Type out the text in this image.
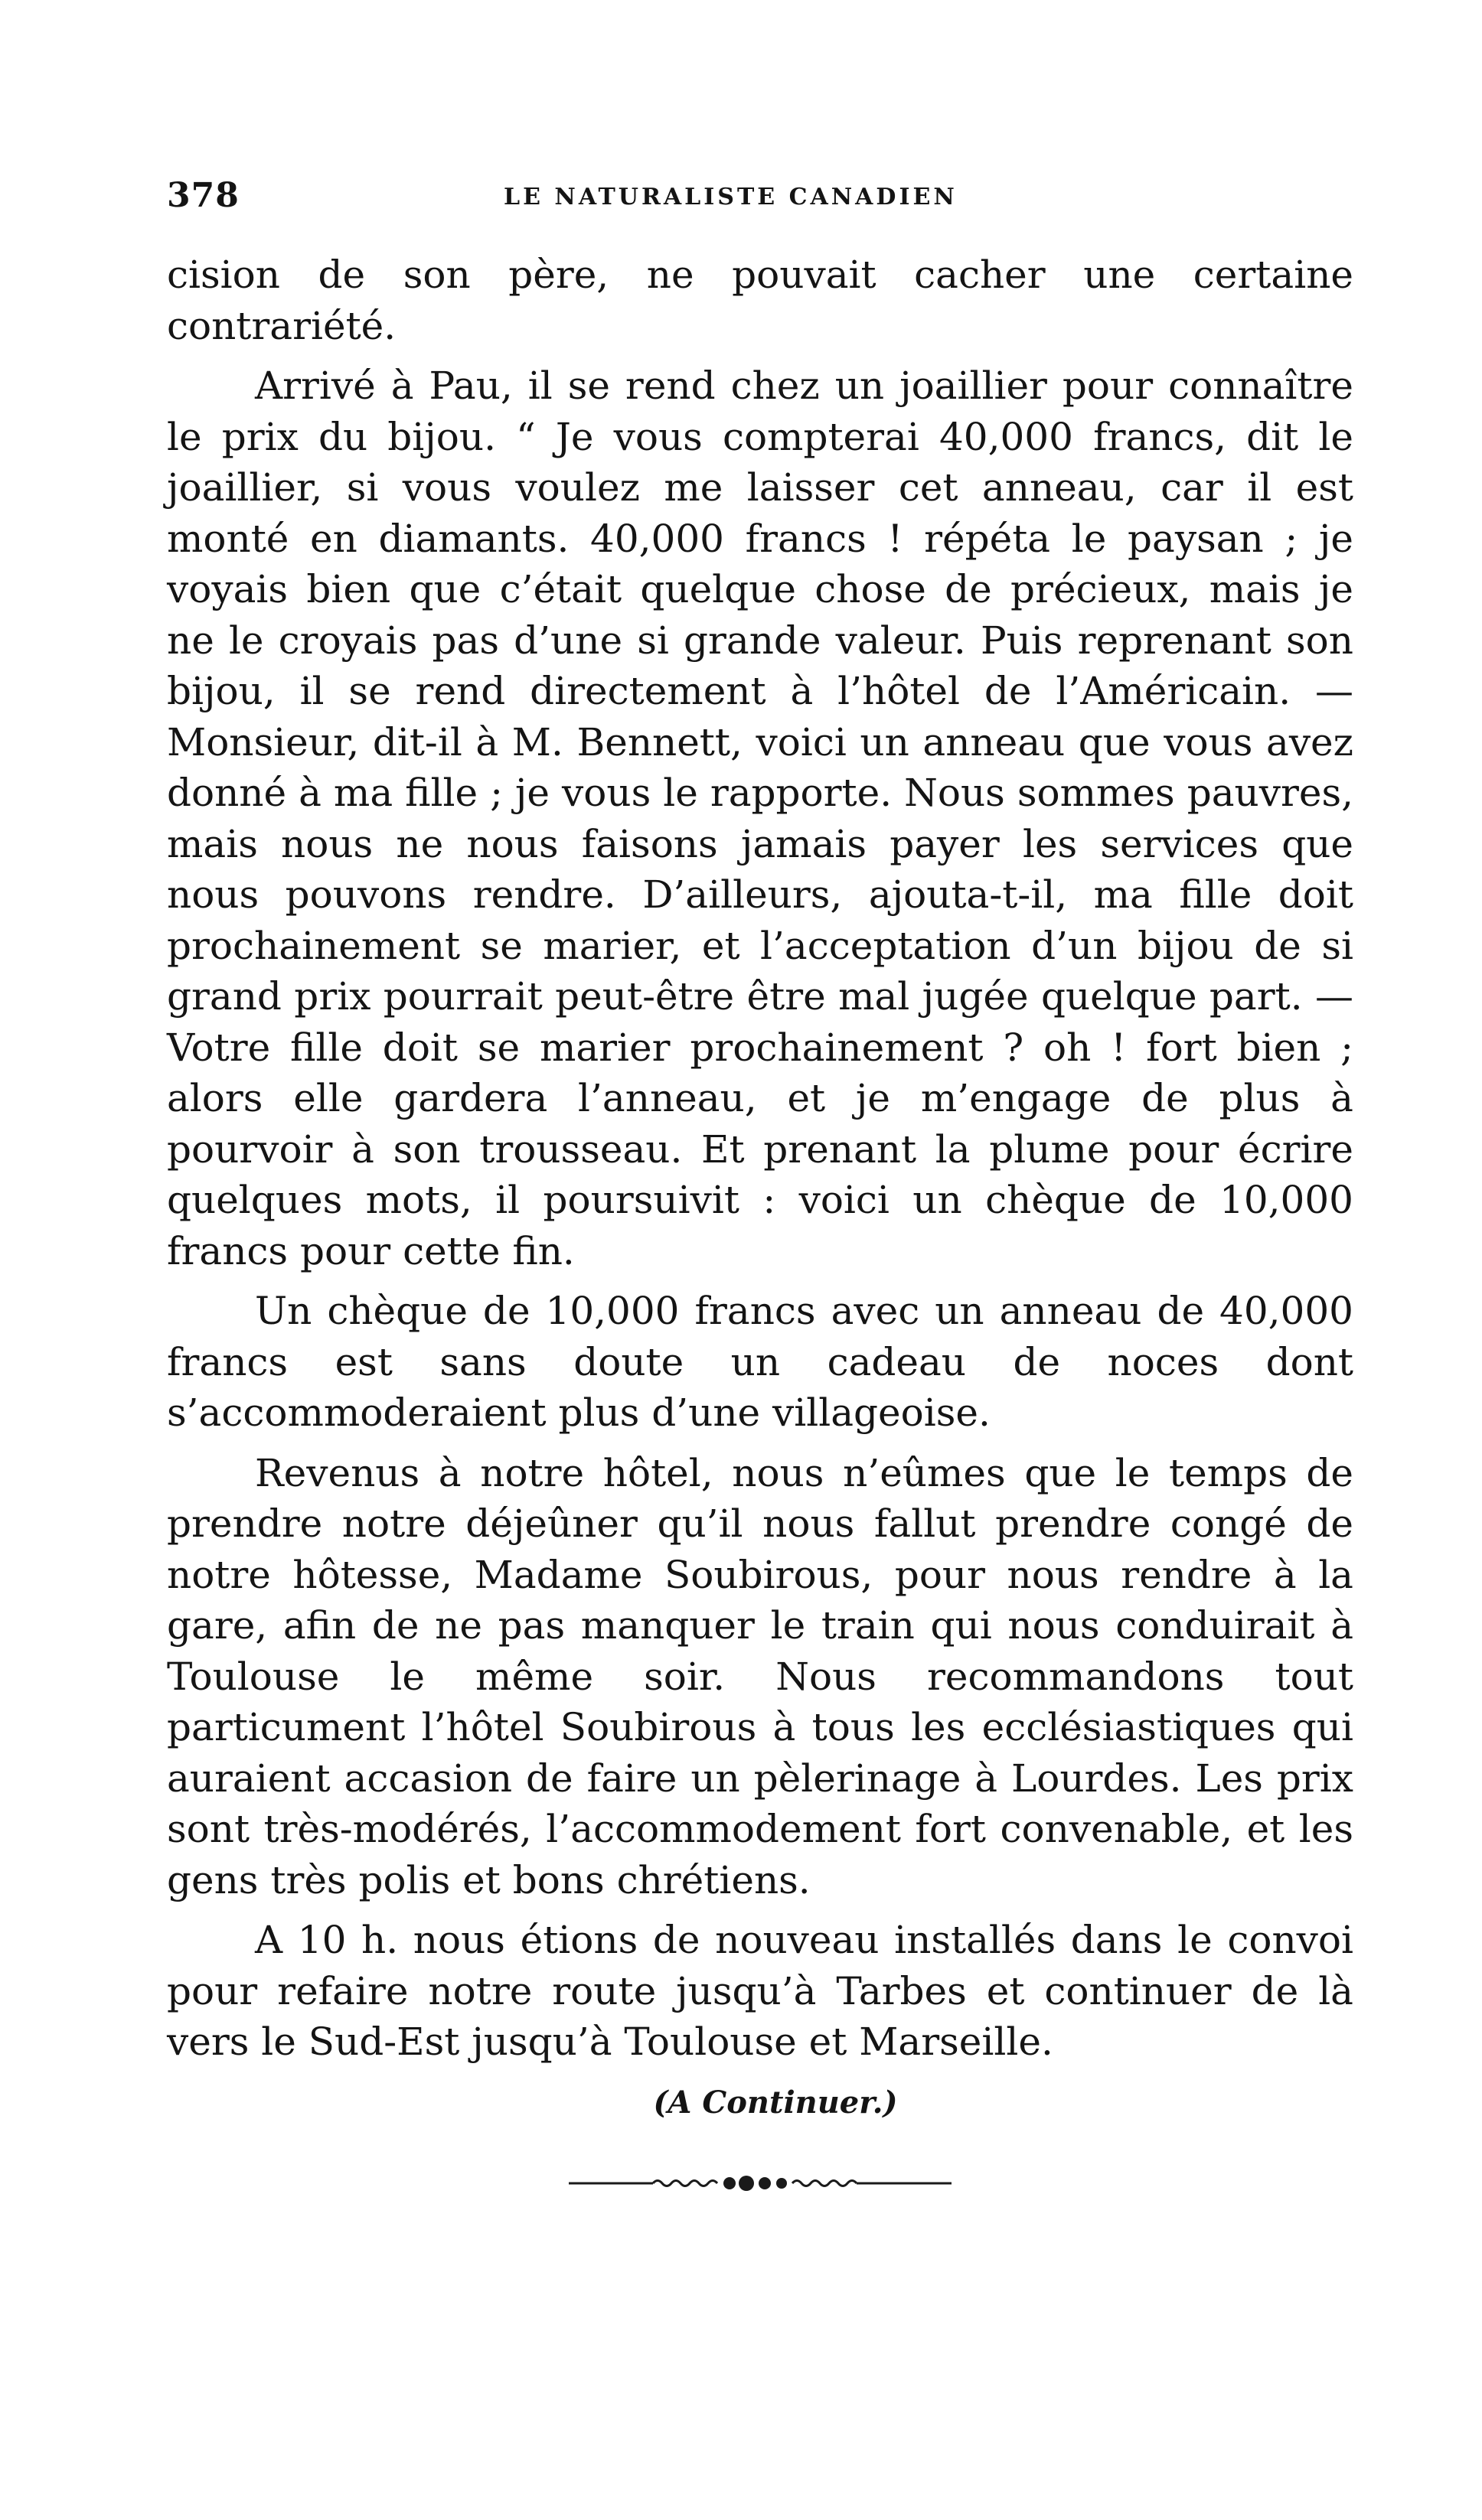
378	LE NATURALISTE CANADIEN

cision de son père, ne pouvait cacher une certaine contrariété.

Arrivé à Pau, il se rend chez un joaillier pour connaître le prix du bijou. “ Je vous compterai 40,000 francs, dit le joaillier, si vous voulez me laisser cet anneau, car il est monté en diamants. 40,000 francs ! répéta le paysan ; je voyais bien que c’était quelque chose de précieux, mais je ne le croyais pas d’une si grande valeur. Puis reprenant son bijou, il se rend directement à l’hôtel de l’Américain. — Monsieur, dit-il à M. Bennett, voici un anneau que vous avez donné à ma fille ; je vous le rapporte. Nous sommes pauvres, mais nous ne nous faisons jamais payer les services que nous pouvons rendre. D’ailleurs, ajouta-t-il, ma fille doit prochainement se marier, et l’acceptation d’un bijou de si grand prix pourrait peut-être être mal jugée quelque part. — Votre fille doit se marier prochainement ? oh ! fort bien ; alors elle gardera l’anneau, et je m’engage de plus à pourvoir à son trousseau. Et prenant la plume pour écrire quelques mots, il poursuivit : voici un chèque de 10,000 francs pour cette fin.

Un chèque de 10,000 francs avec un anneau de 40,000 francs est sans doute un cadeau de noces dont s’accommoderaient plus d’une villageoise.

Revenus à notre hôtel, nous n’eûmes que le temps de prendre notre déjeûner qu’il nous fallut prendre congé de notre hôtesse, Madame Soubirous, pour nous rendre à la gare, afin de ne pas manquer le train qui nous conduirait à Toulouse le même soir. Nous recommandons tout particument l’hôtel Soubirous à tous les ecclésiastiques qui auraient accasion de faire un pèlerinage à Lourdes. Les prix sont très-modérés, l’accommodement fort convenable, et les gens très polis et bons chrétiens.

A 10 h. nous étions de nouveau installés dans le convoi pour refaire notre route jusqu’à Tarbes et continuer de là vers le Sud-Est jusqu’à Toulouse et Marseille.

(A Continuer.)
